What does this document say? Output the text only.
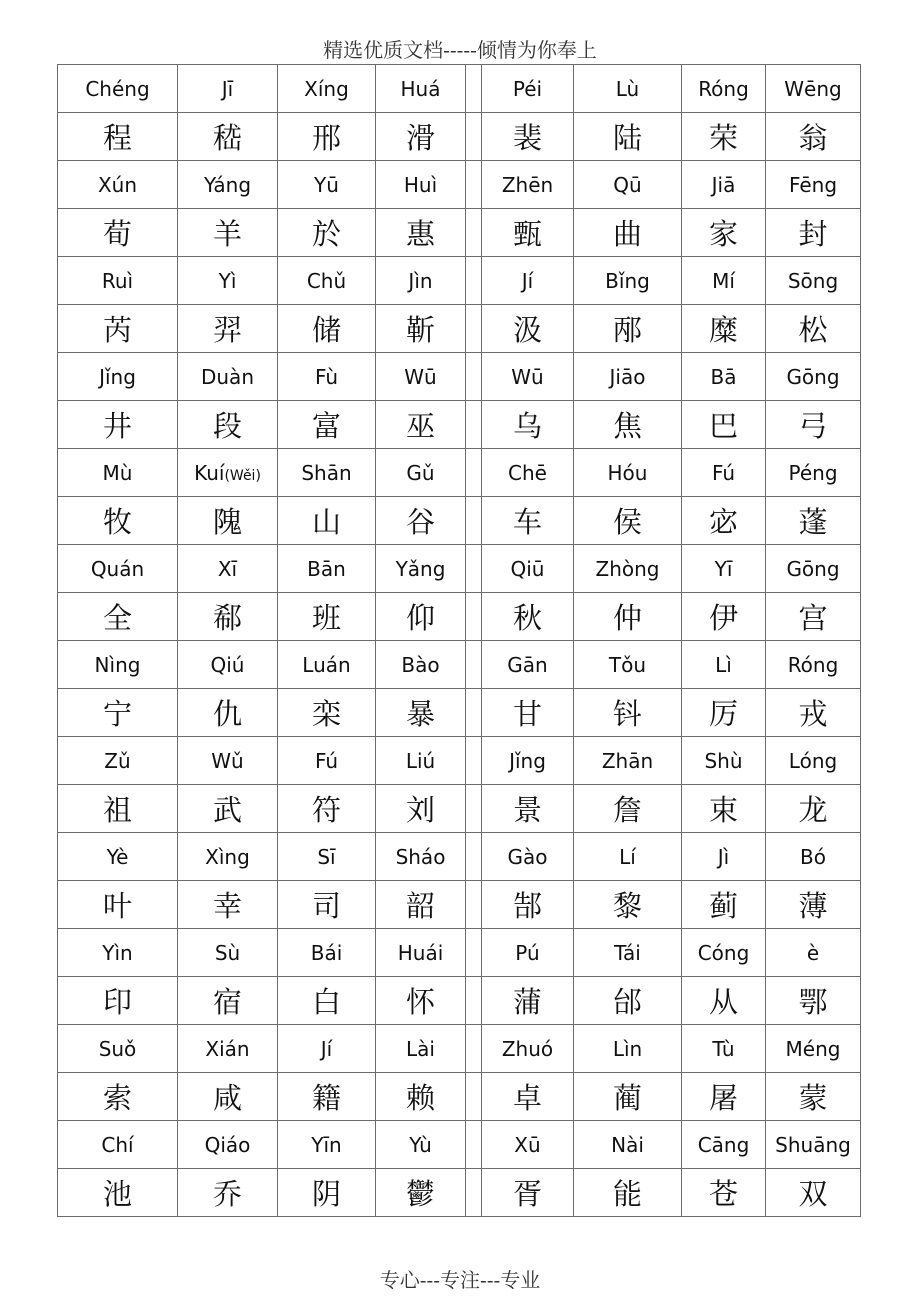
精选优质文档-----倾情为你奉上
Chéng	Jī	Xíng	Huá		Péi	Lù	Róng	Wēng
程	嵇	邢	滑		裴	陆	荣	翁
Xún	Yáng	Yū	Huì		Zhēn	Qū	Jiā	Fēng
荀	羊	於	惠		甄	曲	家	封
Ruì	Yì	Chǔ	Jìn		Jí	Bǐng	Mí	Sōng
芮	羿	储	靳		汲	邴	糜	松
Jǐng	Duàn	Fù	Wū		Wū	Jiāo	Bā	Gōng
井	段	富	巫		乌	焦	巴	弓
Mù	Kuí(Wěi)	Shān	Gǔ		Chē	Hóu	Fú	Péng
牧	隗	山	谷		车	侯	宓	蓬
Quán	Xī	Bān	Yǎng		Qiū	Zhòng	Yī	Gōng
全	郗	班	仰		秋	仲	伊	宫
Nìng	Qiú	Luán	Bào		Gān	Tǒu	Lì	Róng
宁	仇	栾	暴		甘	钭	厉	戎
Zǔ	Wǔ	Fú	Liú		Jǐng	Zhān	Shù	Lóng
祖	武	符	刘		景	詹	束	龙
Yè	Xìng	Sī	Sháo		Gào	Lí	Jì	Bó
叶	幸	司	韶		郜	黎	蓟	薄
Yìn	Sù	Bái	Huái		Pú	Tái	Cóng	è
印	宿	白	怀		蒲	邰	从	鄂
Suǒ	Xián	Jí	Lài		Zhuó	Lìn	Tù	Méng
索	咸	籍	赖		卓	蔺	屠	蒙
Chí	Qiáo	Yīn	Yù		Xū	Nài	Cāng	Shuāng
池	乔	阴	鬱		胥	能	苍	双
专心---专注---专业
